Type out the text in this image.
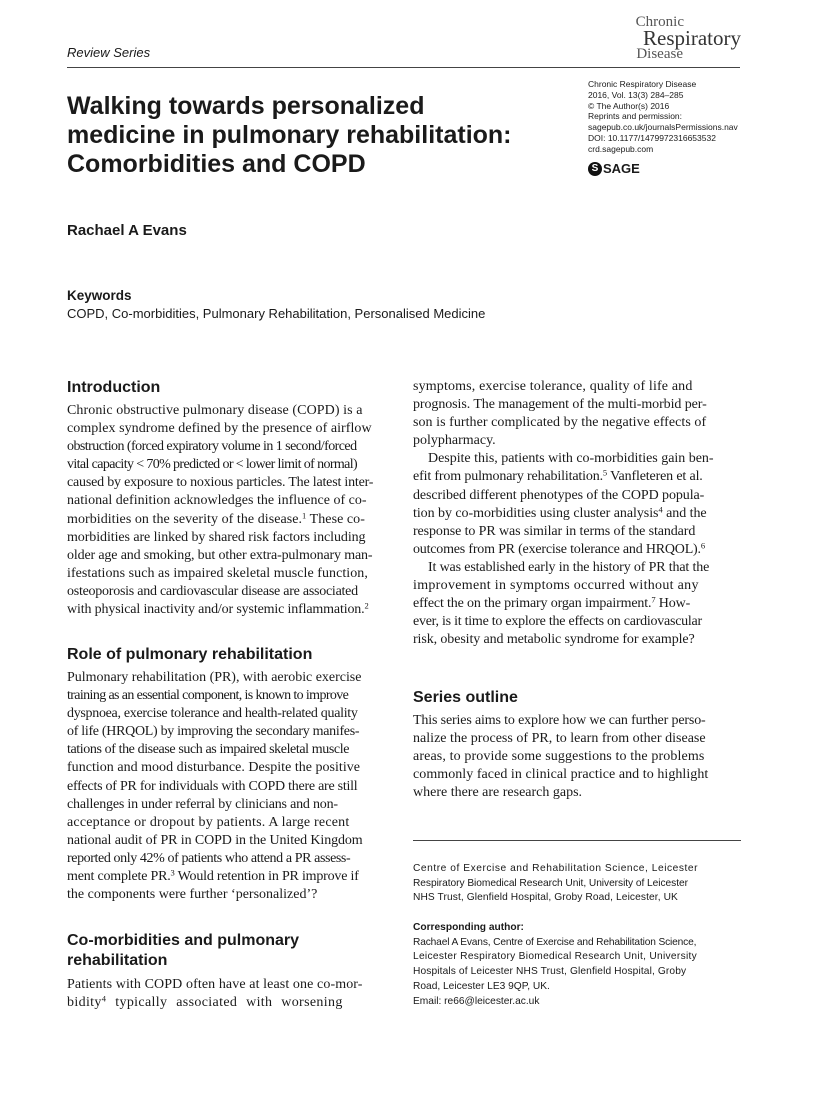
Review Series
Chronic
Respiratory
Disease
Walking towards personalized
medicine in pulmonary rehabilitation:
Comorbidities and COPD
Chronic Respiratory Disease
2016, Vol. 13(3) 284–285
© The Author(s) 2016
Reprints and permission:
sagepub.co.uk/journalsPermissions.nav
DOI: 10.1177/1479972316653532
crd.sagepub.com
S SAGE
Rachael A Evans
Keywords
COPD, Co-morbidities, Pulmonary Rehabilitation, Personalised Medicine
Introduction
Chronic obstructive pulmonary disease (COPD) is a
complex syndrome defined by the presence of airflow
obstruction (forced expiratory volume in 1 second/forced
vital capacity < 70% predicted or < lower limit of normal)
caused by exposure to noxious particles. The latest inter-
national definition acknowledges the influence of co-
morbidities on the severity of the disease.$^1$ These co-
morbidities are linked by shared risk factors including
older age and smoking, but other extra-pulmonary man-
ifestations such as impaired skeletal muscle function,
osteoporosis and cardiovascular disease are associated
with physical inactivity and/or systemic inflammation.$^2$
Role of pulmonary rehabilitation
Pulmonary rehabilitation (PR), with aerobic exercise
training as an essential component, is known to improve
dyspnoea, exercise tolerance and health-related quality
of life (HRQOL) by improving the secondary manifes-
tations of the disease such as impaired skeletal muscle
function and mood disturbance. Despite the positive
effects of PR for individuals with COPD there are still
challenges in under referral by clinicians and non-
acceptance or dropout by patients. A large recent
national audit of PR in COPD in the United Kingdom
reported only 42% of patients who attend a PR assess-
ment complete PR.$^3$ Would retention in PR improve if
the components were further ‘personalized’?
Co-morbidities and pulmonary
rehabilitation
Patients with COPD often have at least one co-mor-
bidity$^4$ typically associated with worsening
symptoms, exercise tolerance, quality of life and
prognosis. The management of the multi-morbid per-
son is further complicated by the negative effects of
polypharmacy.
Despite this, patients with co-morbidities gain ben-
efit from pulmonary rehabilitation.$^5$ Vanfleteren et al.
described different phenotypes of the COPD popula-
tion by co-morbidities using cluster analysis$^4$ and the
response to PR was similar in terms of the standard
outcomes from PR (exercise tolerance and HRQOL).$^6$
It was established early in the history of PR that the
improvement in symptoms occurred without any
effect the on the primary organ impairment.$^7$ How-
ever, is it time to explore the effects on cardiovascular
risk, obesity and metabolic syndrome for example?
Series outline
This series aims to explore how we can further perso-
nalize the process of PR, to learn from other disease
areas, to provide some suggestions to the problems
commonly faced in clinical practice and to highlight
where there are research gaps.
Centre of Exercise and Rehabilitation Science, Leicester
Respiratory Biomedical Research Unit, University of Leicester
NHS Trust, Glenfield Hospital, Groby Road, Leicester, UK
Corresponding author:
Rachael A Evans, Centre of Exercise and Rehabilitation Science,
Leicester Respiratory Biomedical Research Unit, University
Hospitals of Leicester NHS Trust, Glenfield Hospital, Groby
Road, Leicester LE3 9QP, UK.
Email: re66@leicester.ac.uk
